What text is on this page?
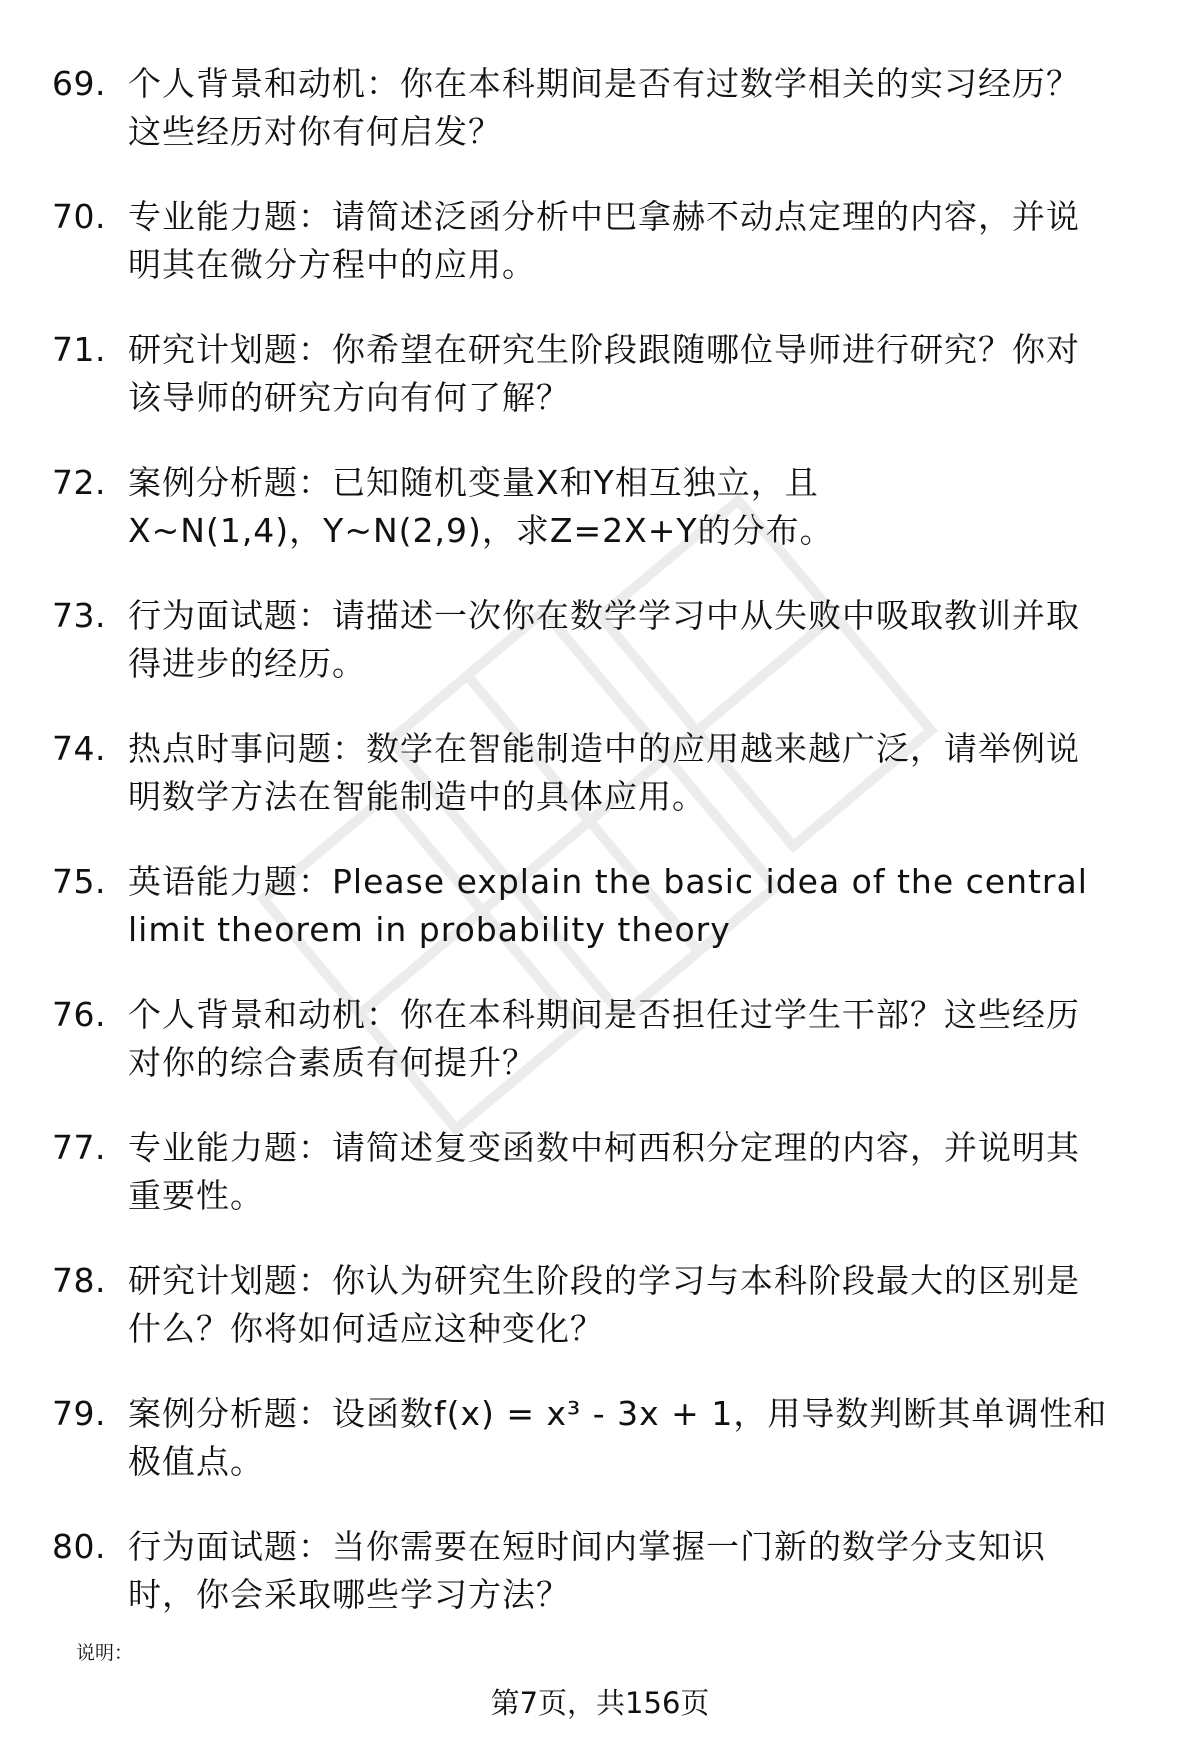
69. 个人背景和动机：你在本科期间是否有过数学相关的实习经历？
这些经历对你有何启发？
70. 专业能力题：请简述泛函分析中巴拿赫不动点定理的内容，并说
明其在微分方程中的应用。
71. 研究计划题：你希望在研究生阶段跟随哪位导师进行研究？你对
该导师的研究方向有何了解？
72. 案例分析题：已知随机变量X和Y相互独立，且
X~N(1,4)，Y~N(2,9)，求Z=2X+Y的分布。
73. 行为面试题：请描述一次你在数学学习中从失败中吸取教训并取
得进步的经历。
74. 热点时事问题：数学在智能制造中的应用越来越广泛，请举例说
明数学方法在智能制造中的具体应用。
75. 英语能力题：Please explain the basic idea of the central
limit theorem in probability theory
76. 个人背景和动机：你在本科期间是否担任过学生干部？这些经历
对你的综合素质有何提升？
77. 专业能力题：请简述复变函数中柯西积分定理的内容，并说明其
重要性。
78. 研究计划题：你认为研究生阶段的学习与本科阶段最大的区别是
什么？你将如何适应这种变化？
79. 案例分析题：设函数f(x) = x³ - 3x + 1，用导数判断其单调性和
极值点。
80. 行为面试题：当你需要在短时间内掌握一门新的数学分支知识
时，你会采取哪些学习方法？
说明：
第7页，共156页
